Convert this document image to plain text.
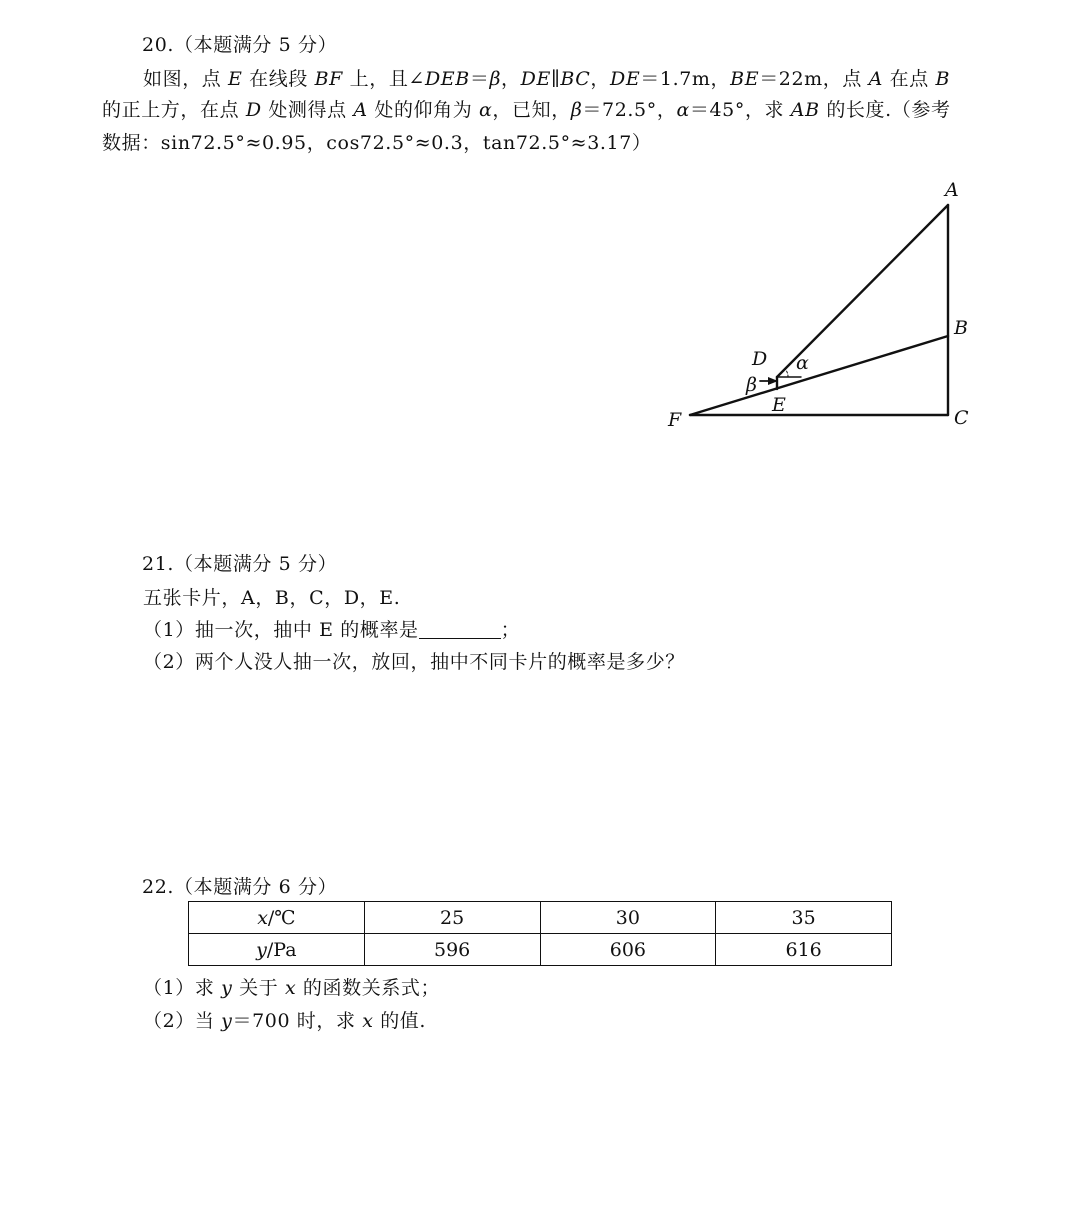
20.（本题满分 5 分）
如图，点 E 在线段 BF 上，且∠DEB＝β，DE∥BC，DE＝1.7m，BE＝22m，点 A 在点 B
的正上方，在点 D 处测得点 A 处的仰角为 α，已知，β＝72.5°，α＝45°，求 AB 的长度.（参考
数据：sin72.5°≈0.95，cos72.5°≈0.3，tan72.5°≈3.17）
A
B
C
D
E
F
α
β
21.（本题满分 5 分）
五张卡片，A，B，C，D，E.
（1）抽一次，抽中 E 的概率是	；
（2）两个人没人抽一次，放回，抽中不同卡片的概率是多少？
22.（本题满分 6 分）
x/℃	25	30	35
y/Pa	596	606	616
（1）求 y 关于 x 的函数关系式；
（2）当 y＝700 时，求 x 的值.
